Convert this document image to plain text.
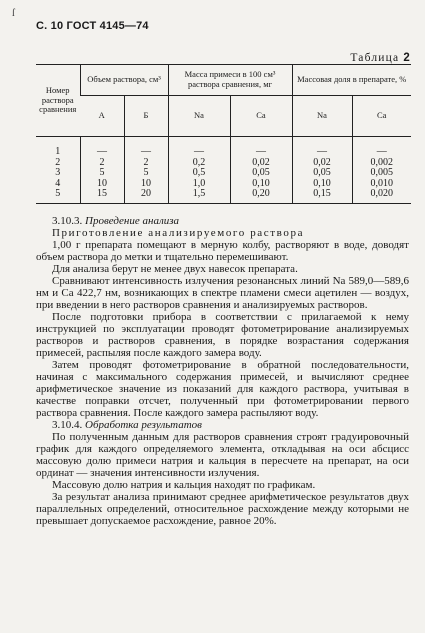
ſ
С. 10 ГОСТ 4145—74
Таблица 2
Номер раствора сравнения	Объем раствора, см³		Масса примеси в 100 см³ раствора сравнения, мг		Массовая доля в препарате, %	
	А	Б	Na	Ca	Na	Ca

1	—	—	—	—	—	—
2	2	2	0,2	0,02	0,02	0,002
3	5	5	0,5	0,05	0,05	0,005
4	10	10	1,0	0,10	0,10	0,010
5	15	20	1,5	0,20	0,15	0,020

3.10.3. Проведение анализа

Приготовление анализируемого раствора

1,00 г препарата помещают в мерную колбу, растворяют в воде, доводят объем раствора до метки и тщательно перемешивают.

Для анализа берут не менее двух навесок препарата.

Сравнивают интенсивность излучения резонансных линий Na 589,0—589,6 нм и Ca 422,7 нм, возникающих в спектре пламени смеси ацетилен — воздух, при введении в него растворов сравнения и анализируемых растворов.

После подготовки прибора в соответствии с прилагаемой к нему инструкцией по эксплуатации проводят фотометрирование анализируемых растворов и растворов сравнения, в порядке возрастания содержания примесей, распыляя после каждого замера воду.

Затем проводят фотометрирование в обратной последовательности, начиная с максимального содержания примесей, и вычисляют среднее арифметическое значение из показаний для каждого раствора, учитывая в качестве поправки отсчет, полученный при фотометрировании первого раствора сравнения. После каждого замера распыляют воду.

3.10.4. Обработка результатов

По полученным данным для растворов сравнения строят градуировочный график для каждого определяемого элемента, откладывая на оси абсцисс массовую долю примеси натрия и кальция в пересчете на препарат, на оси ординат — значения интенсивности излучения.

Массовую долю натрия и кальция находят по графикам.

За результат анализа принимают среднее арифметическое результатов двух параллельных определений, относительное расхождение между которыми не превышает допускаемое расхождение, равное 20%.
